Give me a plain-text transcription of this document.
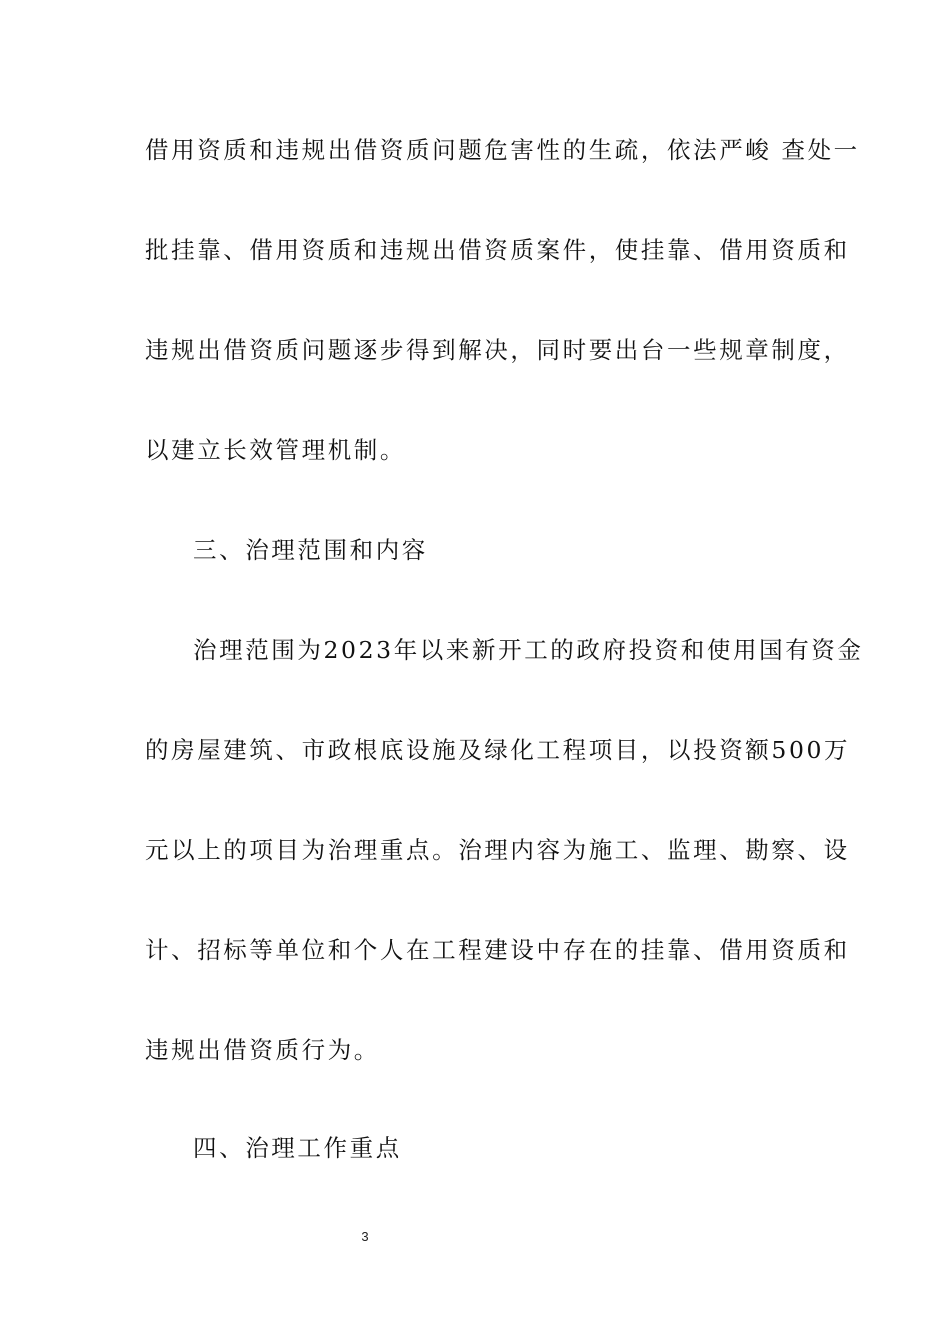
借用资质和违规出借资质问题危害性的生疏，依法严峻 查处一
批挂靠、借用资质和违规出借资质案件，使挂靠、借用资质和
违规出借资质问题逐步得到解决，同时要出台一些规章制度，
以建立长效管理机制。
三、治理范围和内容
治理范围为2023年以来新开工的政府投资和使用国有资金
的房屋建筑、市政根底设施及绿化工程项目，以投资额500万
元以上的项目为治理重点。治理内容为施工、监理、勘察、设
计、招标等单位和个人在工程建设中存在的挂靠、借用资质和
违规出借资质行为。
四、治理工作重点
3
